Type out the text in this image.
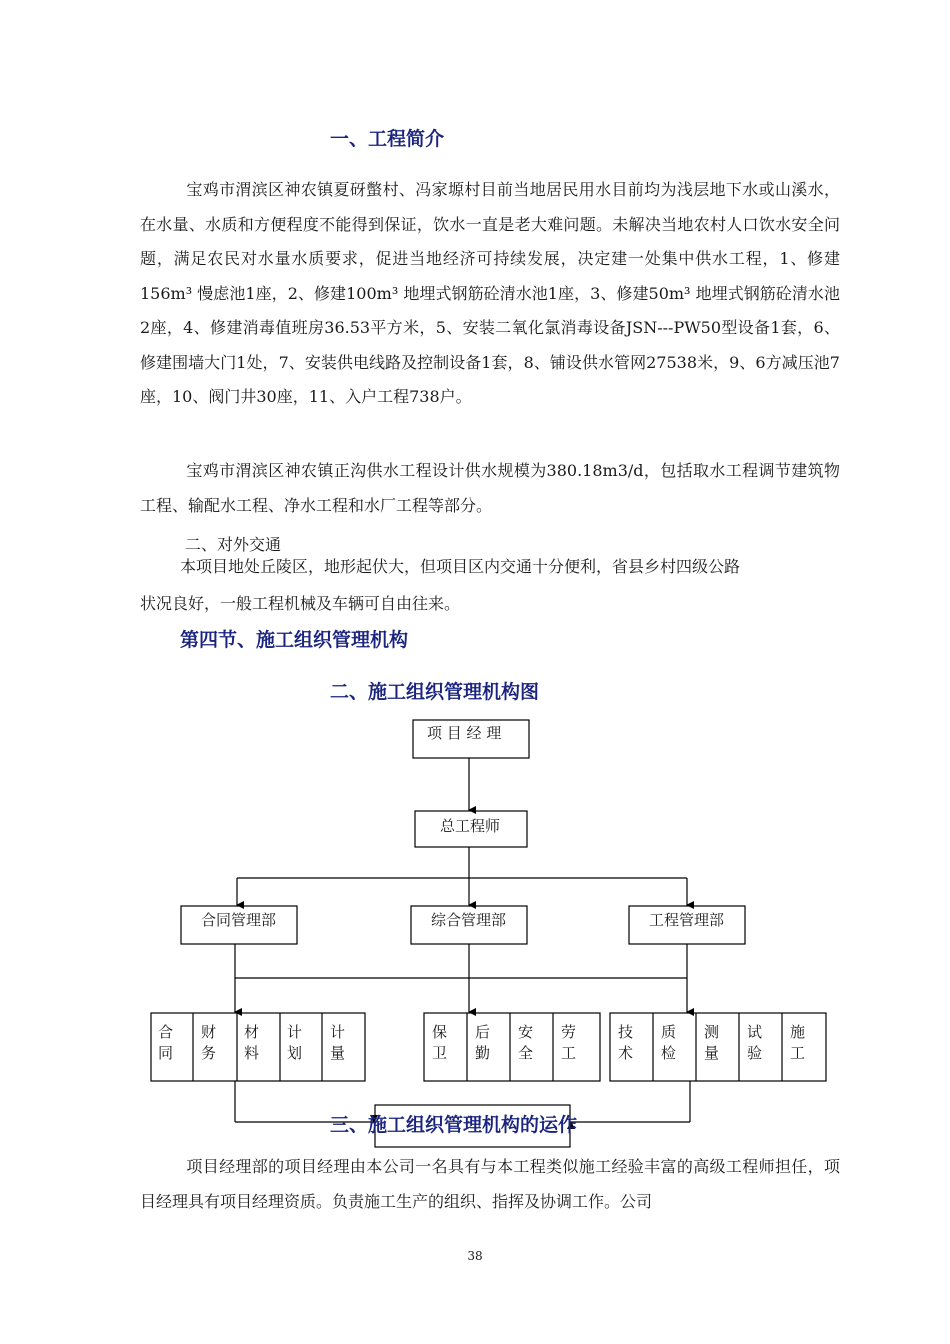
一、工程简介

宝鸡市渭滨区神农镇夏砑蟞村、冯家塬村目前当地居民用水目前均为浅层地下水或山溪水，在水量、水质和方便程度不能得到保证，饮水一直是老大难问题。未解决当地农村人口饮水安全问题，满足农民对水量水质要求，促进当地经济可持续发展，决定建一处集中供水工程，1、修建156m³ 慢虑池1座，2、修建100m³ 地埋式钢筋砼清水池1座，3、修建50m³ 地埋式钢筋砼清水池2座，4、修建消毒值班房36.53平方米，5、安装二氧化氯消毒设备JSN---PW50型设备1套，6、修建围墙大门1处，7、安装供电线路及控制设备1套，8、铺设供水管网27538米，9、6方减压池7座，10、阀门井30座，11、入户工程738户。

宝鸡市渭滨区神农镇正沟供水工程设计供水规模为380.18m3/d，包括取水工程调节建筑物工程、输配水工程、净水工程和水厂工程等部分。

二、对外交通

本项目地处丘陵区，地形起伏大，但项目区内交通十分便利，省县乡村四级公路

状况良好，一般工程机械及车辆可自由往来。

第四节、施工组织管理机构
二、施工组织管理机构图
项 目 经 理
总工程师
合同管理部	综合管理部	工程管理部
合同
财务
材料
计划
计量
保卫
后勤
安全
劳工
技术
质检
测量
试验
施工
三、施工组织管理机构的运作

项目经理部的项目经理由本公司一名具有与本工程类似施工经验丰富的高级工程师担任，项目经理具有项目经理资质。负责施工生产的组织、指挥及协调工作。公司

38
